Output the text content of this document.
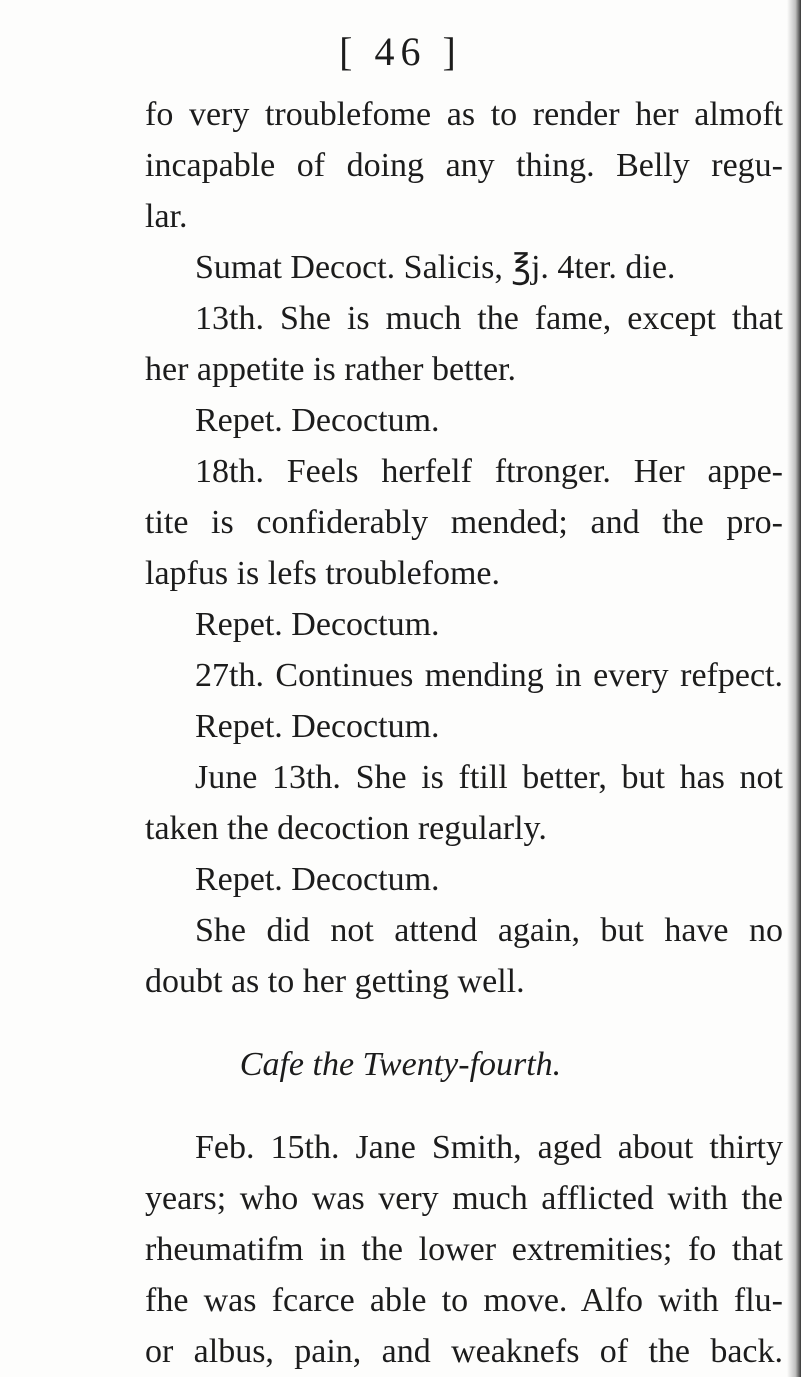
[ 46 ]
fo very troublefome as to render her almoft
incapable of doing any thing. Belly regu-
lar.
Sumat Decoct. Salicis, ℥j. 4ter. die.
13th. She is much the fame, except that
her appetite is rather better.
Repet. Decoctum.
18th. Feels herfelf ftronger. Her appe-
tite is confiderably mended; and the pro-
lapfus is lefs troublefome.
Repet. Decoctum.
27th. Continues mending in every refpect.
Repet. Decoctum.
June 13th. She is ftill better, but has not
taken the decoction regularly.
Repet. Decoctum.
She did not attend again, but have no
doubt as to her getting well.
Cafe the Twenty-fourth.
Feb. 15th. Jane Smith, aged about thirty
years; who was very much afflicted with the
rheumatifm in the lower extremities; fo that
fhe was fcarce able to move. Alfo with flu-
or albus, pain, and weaknefs of the back.
